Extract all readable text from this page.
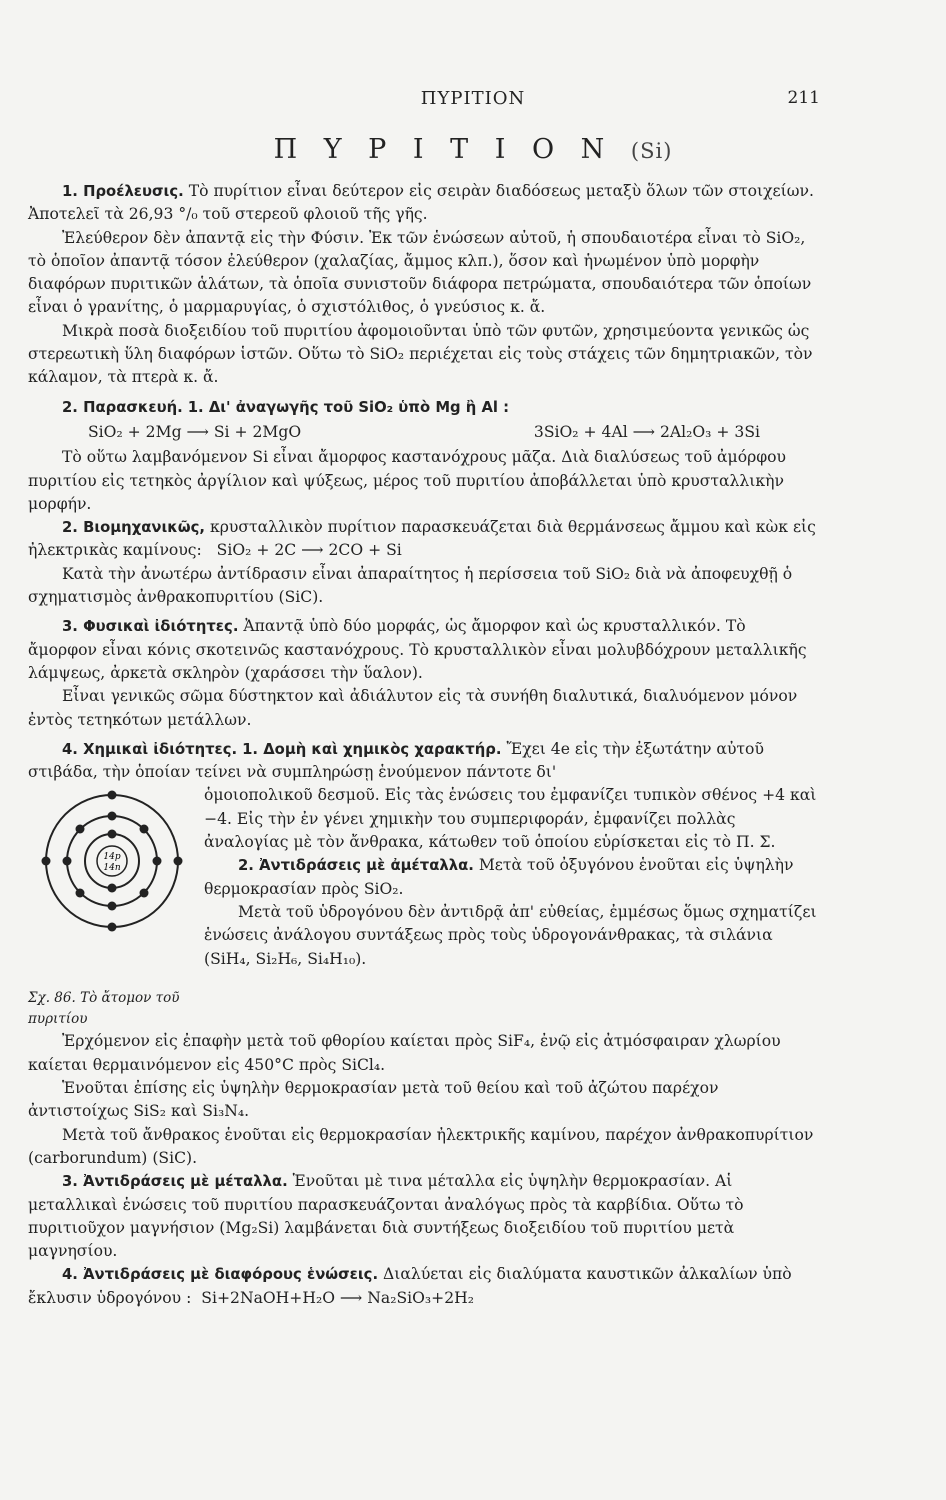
ΠΥΡΙΤΙΟΝ	211
Π Υ Ρ Ι Τ Ι Ο Ν (Si)

1. Προέλευσις. Τὸ πυρίτιον εἶναι δεύτερον εἰς σειρὰν διαδόσεως μεταξὺ ὅλων τῶν στοιχείων. Ἀποτελεῖ τὰ 26,93 °/₀ τοῦ στερεοῦ φλοιοῦ τῆς γῆς.

Ἐλεύθερον δὲν ἀπαντᾷ εἰς τὴν Φύσιν. Ἐκ τῶν ἑνώσεων αὐτοῦ, ἡ σπουδαιοτέρα εἶναι τὸ SiO₂, τὸ ὁποῖον ἀπαντᾷ τόσον ἐλεύθερον (χαλαζίας, ἄμμος κλπ.), ὅσον καὶ ἡνωμένον ὑπὸ μορφὴν διαφόρων πυριτικῶν ἁλάτων, τὰ ὁποῖα συνιστοῦν διάφορα πετρώματα, σπουδαιότερα τῶν ὁποίων εἶναι ὁ γρανίτης, ὁ μαρμαρυγίας, ὁ σχιστόλιθος, ὁ γνεύσιος κ. ἄ.

Μικρὰ ποσὰ διοξειδίου τοῦ πυριτίου ἀφομοιοῦνται ὑπὸ τῶν φυτῶν, χρησιμεύοντα γενικῶς ὡς στερεωτικὴ ὕλη διαφόρων ἱστῶν. Οὕτω τὸ SiO₂ περιέχεται εἰς τοὺς στάχεις τῶν δημητριακῶν, τὸν κάλαμον, τὰ πτερὰ κ. ἄ.

2. Παρασκευή. 1. Δι' ἀναγωγῆς τοῦ SiO₂ ὑπὸ Mg ἢ Al :

SiO₂ + 2Mg ⟶ Si + 2MgO	3SiO₂ + 4Al ⟶ 2Al₂O₃ + 3Si

Τὸ οὕτω λαμβανόμενον Si εἶναι ἄμορφος καστανόχρους μᾶζα. Διὰ διαλύσεως τοῦ ἀμόρφου πυριτίου εἰς τετηκὸς ἀργίλιον καὶ ψύξεως, μέρος τοῦ πυριτίου ἀποβάλλεται ὑπὸ κρυσταλλικὴν μορφήν.

2. Βιομηχανικῶς, κρυσταλλικὸν πυρίτιον παρασκευάζεται διὰ θερμάνσεως ἄμμου καὶ κὼκ εἰς ἠλεκτρικὰς καμίνους: SiO₂ + 2C ⟶ 2CO + Si

Κατὰ τὴν ἀνωτέρω ἀντίδρασιν εἶναι ἀπαραίτητος ἡ περίσσεια τοῦ SiO₂ διὰ νὰ ἀποφευχθῇ ὁ σχηματισμὸς ἀνθρακοπυριτίου (SiC).

3. Φυσικαὶ ἰδιότητες. Ἀπαντᾷ ὑπὸ δύο μορφάς, ὡς ἄμορφον καὶ ὡς κρυσταλλικόν. Τὸ ἄμορφον εἶναι κόνις σκοτεινῶς καστανόχρους. Τὸ κρυσταλλικὸν εἶναι μολυβδόχρουν μεταλλικῆς λάμψεως, ἀρκετὰ σκληρὸν (χαράσσει τὴν ὕαλον).

Εἶναι γενικῶς σῶμα δύστηκτον καὶ ἀδιάλυτον εἰς τὰ συνήθη διαλυτικά, διαλυόμενον μόνον ἐντὸς τετηκότων μετάλλων.

4. Χημικαὶ ἰδιότητες. 1. Δομὴ καὶ χημικὸς χαρακτήρ. Ἔχει 4e εἰς τὴν ἐξωτάτην αὐτοῦ στιβάδα, τὴν ὁποίαν τείνει νὰ συμπληρώσῃ ἑνούμενον πάντοτε δι'

14p
14n

Σχ. 86. Τὸ ἄτομον τοῦ πυριτίου

ὁμοιοπολικοῦ δεσμοῦ. Εἰς τὰς ἑνώσεις του ἐμφανίζει τυπικὸν σθένος +4 καὶ −4. Εἰς τὴν ἐν γένει χημικὴν του συμπεριφοράν, ἐμφανίζει πολλὰς ἀναλογίας μὲ τὸν ἄνθρακα, κάτωθεν τοῦ ὁποίου εὑρίσκεται εἰς τὸ Π. Σ.

2. Ἀντιδράσεις μὲ ἀμέταλλα. Μετὰ τοῦ ὀξυγόνου ἑνοῦται εἰς ὑψηλὴν θερμοκρασίαν πρὸς SiO₂.

Μετὰ τοῦ ὑδρογόνου δὲν ἀντιδρᾷ ἀπ' εὐθείας, ἐμμέσως ὅμως σχηματίζει ἑνώσεις ἀνάλογου συντάξεως πρὸς τοὺς ὑδρογονάνθρακας, τὰ σιλάνια (SiH₄, Si₂H₆, Si₄H₁₀).

Ἐρχόμενον εἰς ἐπαφὴν μετὰ τοῦ φθορίου καίεται πρὸς SiF₄, ἐνῷ εἰς ἀτμόσφαιραν χλωρίου καίεται θερμαινόμενον εἰς 450°C πρὸς SiCl₄.

Ἑνοῦται ἐπίσης εἰς ὑψηλὴν θερμοκρασίαν μετὰ τοῦ θείου καὶ τοῦ ἀζώτου παρέχον ἀντιστοίχως SiS₂ καὶ Si₃N₄.

Μετὰ τοῦ ἄνθρακος ἑνοῦται εἰς θερμοκρασίαν ἠλεκτρικῆς καμίνου, παρέχον ἀνθρακοπυρίτιον (carborundum) (SiC).

3. Ἀντιδράσεις μὲ μέταλλα. Ἑνοῦται μὲ τινα μέταλλα εἰς ὑψηλὴν θερμοκρασίαν. Αἱ μεταλλικαὶ ἑνώσεις τοῦ πυριτίου παρασκευάζονται ἀναλόγως πρὸς τὰ καρβίδια. Οὕτω τὸ πυριτιοῦχον μαγνήσιον (Mg₂Si) λαμβάνεται διὰ συντήξεως διοξειδίου τοῦ πυριτίου μετὰ μαγνησίου.

4. Ἀντιδράσεις μὲ διαφόρους ἑνώσεις. Διαλύεται εἰς διαλύματα καυστικῶν ἀλκαλίων ὑπὸ ἔκλυσιν ὑδρογόνου : Si+2NaOH+H₂O ⟶ Na₂SiO₃+2H₂
